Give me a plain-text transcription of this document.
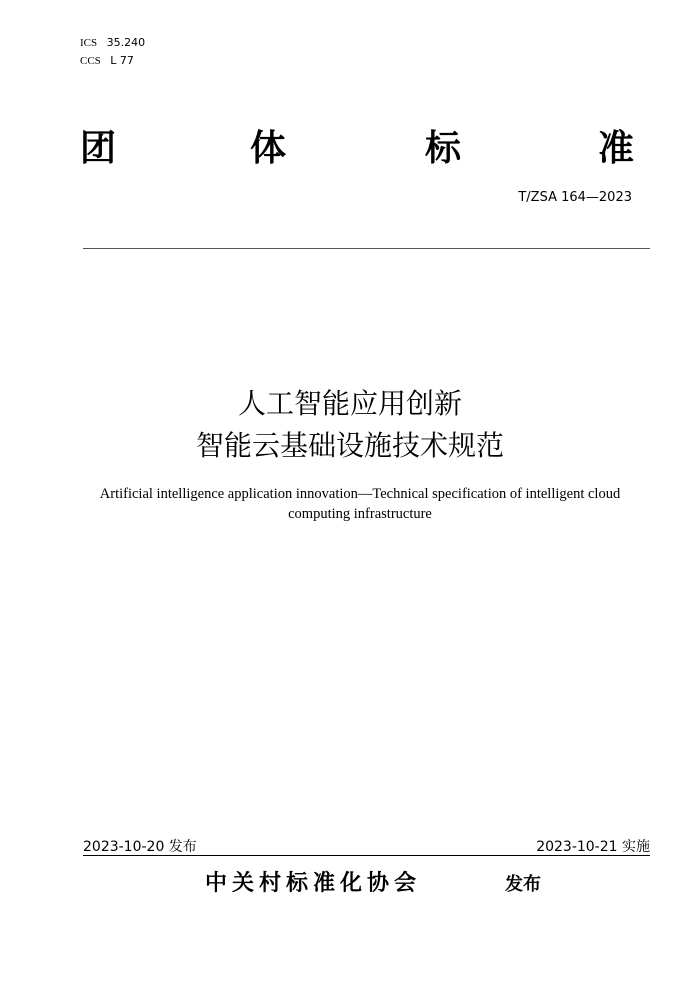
ICS 35.240
CCS L 77
团	体	标	准
T/ZSA 164—2023
人工智能应用创新
智能云基础设施技术规范
Artificial intelligence application innovation—Technical specification of intelligent cloud computing infrastructure
2023-10-20 发布	2023-10-21 实施
中关村标准化协会	发布
